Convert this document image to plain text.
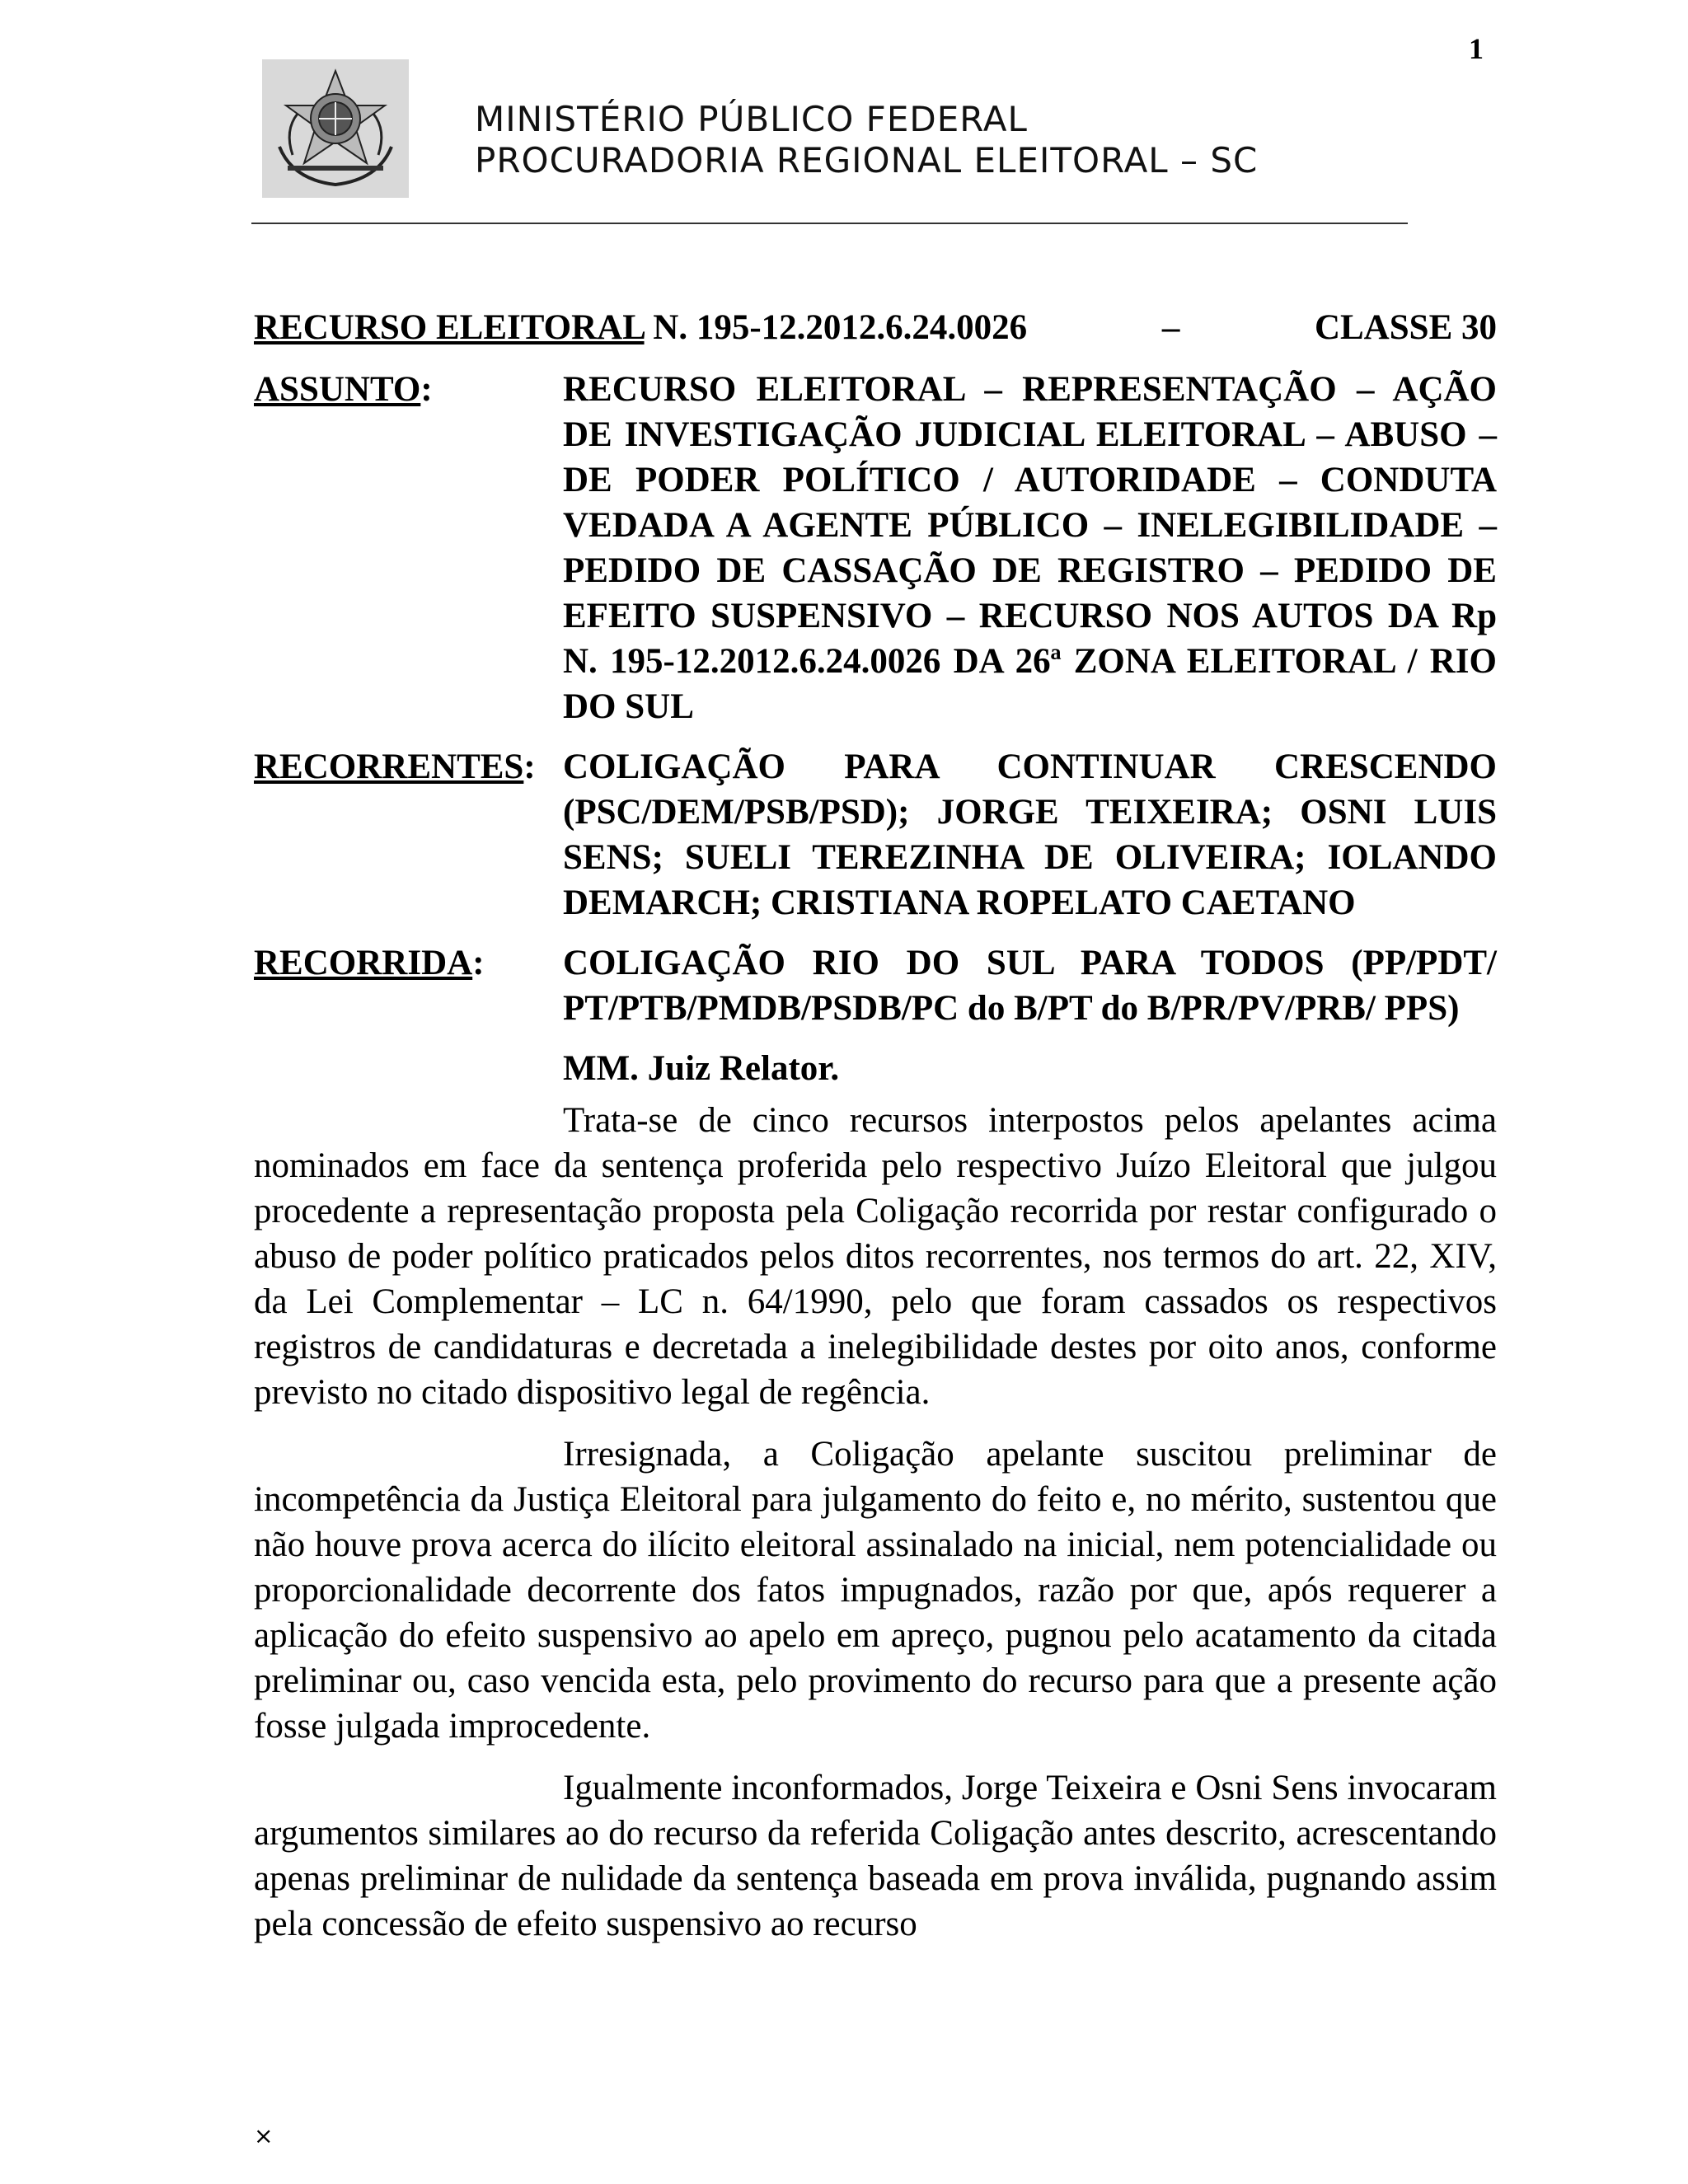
1
MINISTÉRIO PÚBLICO FEDERAL
PROCURADORIA REGIONAL ELEITORAL – SC
RECURSO ELEITORAL N. 195-12.2012.6.24.0026	–	CLASSE 30
ASSUNTO:	RECURSO ELEITORAL – REPRESENTAÇÃO – AÇÃO DE INVESTIGAÇÃO JUDICIAL ELEITORAL – ABUSO – DE PODER POLÍTICO / AUTORIDADE – CONDUTA VEDADA A AGENTE PÚBLICO – INELEGIBILIDADE – PEDIDO DE CASSAÇÃO DE REGISTRO – PEDIDO DE EFEITO SUSPENSIVO – RECURSO NOS AUTOS DA Rp N. 195-12.2012.6.24.0026 DA 26ª ZONA ELEITORAL / RIO DO SUL
RECORRENTES: COLIGAÇÃO PARA CONTINUAR CRESCENDO (PSC/DEM/PSB/PSD); JORGE TEIXEIRA; OSNI LUIS SENS; SUELI TEREZINHA DE OLIVEIRA; IOLANDO DEMARCH; CRISTIANA ROPELATO CAETANO
RECORRIDA:	COLIGAÇÃO RIO DO SUL PARA TODOS (PP/PDT/ PT/PTB/PMDB/PSDB/PC do B/PT do B/PR/PV/PRB/ PPS)
MM. Juiz Relator.

Trata-se de cinco recursos interpostos pelos apelantes acima nominados em face da sentença proferida pelo respectivo Juízo Eleitoral que julgou procedente a representação proposta pela Coligação recorrida por restar configurado o abuso de poder político praticados pelos ditos recorrentes, nos termos do art. 22, XIV, da Lei Complementar – LC n. 64/1990, pelo que foram cassados os respectivos registros de candidaturas e decretada a inelegibilidade destes por oito anos, conforme previsto no citado dispositivo legal de regência.

Irresignada, a Coligação apelante suscitou preliminar de incompetência da Justiça Eleitoral para julgamento do feito e, no mérito, sustentou que não houve prova acerca do ilícito eleitoral assinalado na inicial, nem potencialidade ou proporcionalidade decorrente dos fatos impugnados, razão por que, após requerer a aplicação do efeito suspensivo ao apelo em apreço, pugnou pelo acatamento da citada preliminar ou, caso vencida esta, pelo provimento do recurso para que a presente ação fosse julgada improcedente.

Igualmente inconformados, Jorge Teixeira e Osni Sens invocaram argumentos similares ao do recurso da referida Coligação antes descrito, acrescentando apenas preliminar de nulidade da sentença baseada em prova inválida, pugnando assim pela concessão de efeito suspensivo ao recurso

×
